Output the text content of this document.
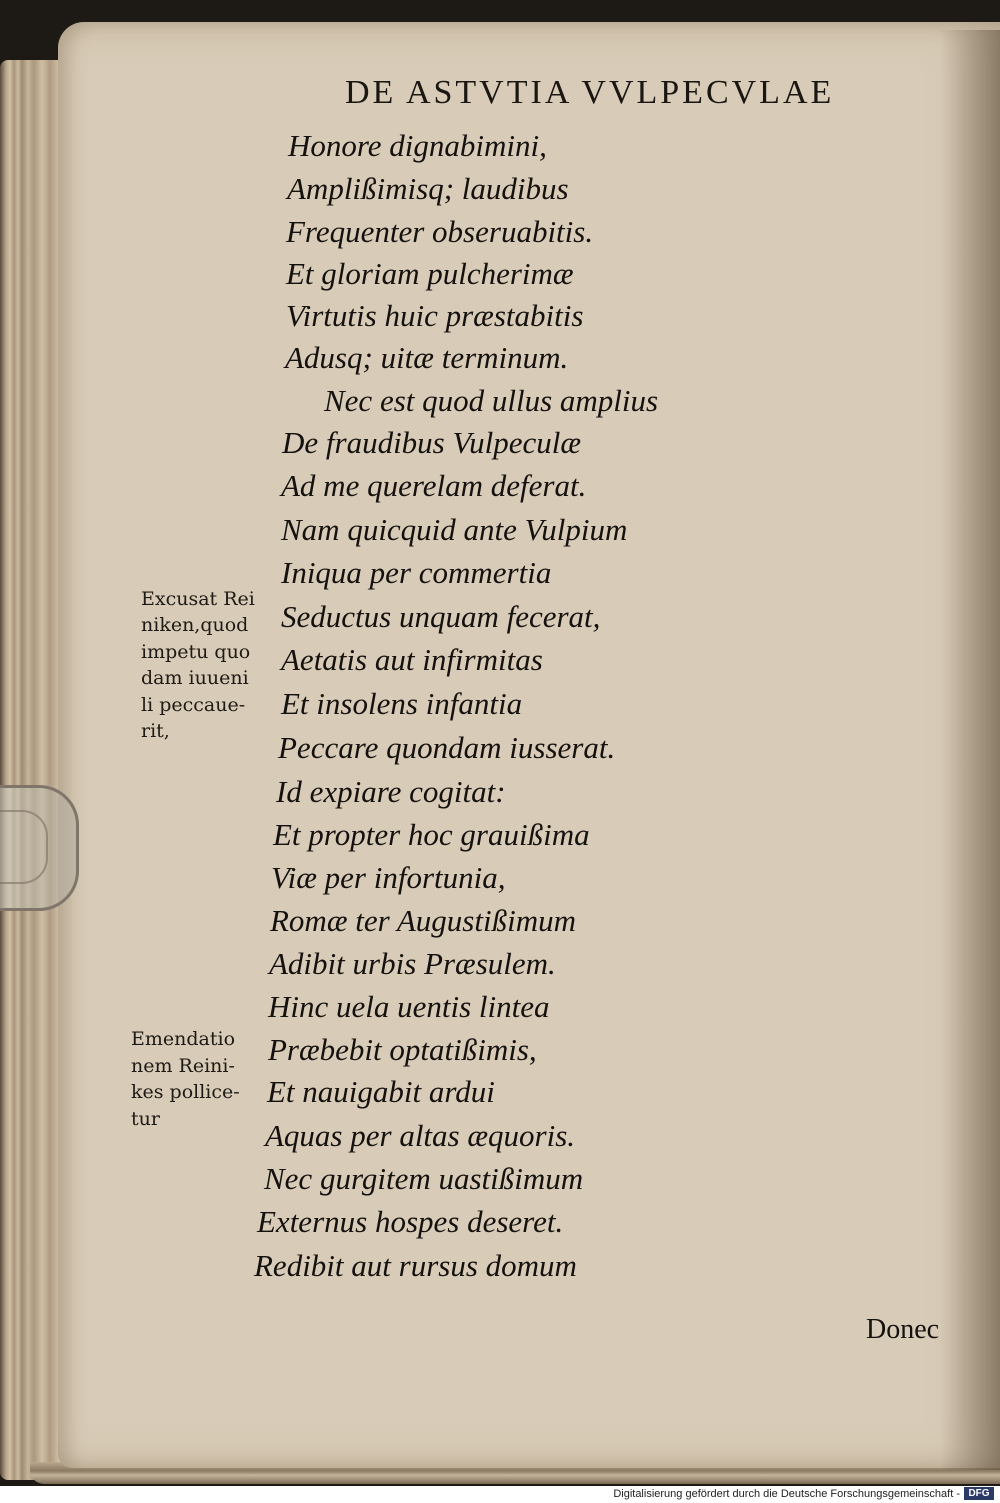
DE ASTVTIA VVLPECVLAE

Honore dignabimini,

Amplißimisq; laudibus

Frequenter obseruabitis.

Et gloriam pulcherimæ

Virtutis huic præstabitis

Adusq; uitæ terminum.

Nec est quod ullus amplius

De fraudibus Vulpeculæ

Ad me querelam deferat.

Nam quicquid ante Vulpium

Iniqua per commertia

Seductus unquam fecerat,

Aetatis aut infirmitas

Et insolens infantia

Peccare quondam iusserat.

Id expiare cogitat:

Et propter hoc grauißima

Viæ per infortunia,

Romæ ter Augustißimum

Adibit urbis Præsulem.

Hinc uela uentis lintea

Præbebit optatißimis,

Et nauigabit ardui

Aquas per altas æquoris.

Nec gurgitem uastißimum

Externus hospes deseret.

Redibit aut rursus domum

Excusat Rei

niken,quod

impetu quo

dam iuueni

li peccaue-

rit,

Emendatio

nem Reini-

kes pollice-

tur

Donec
Digitalisierung gefördert durch die Deutsche Forschungsgemeinschaft - DFG
